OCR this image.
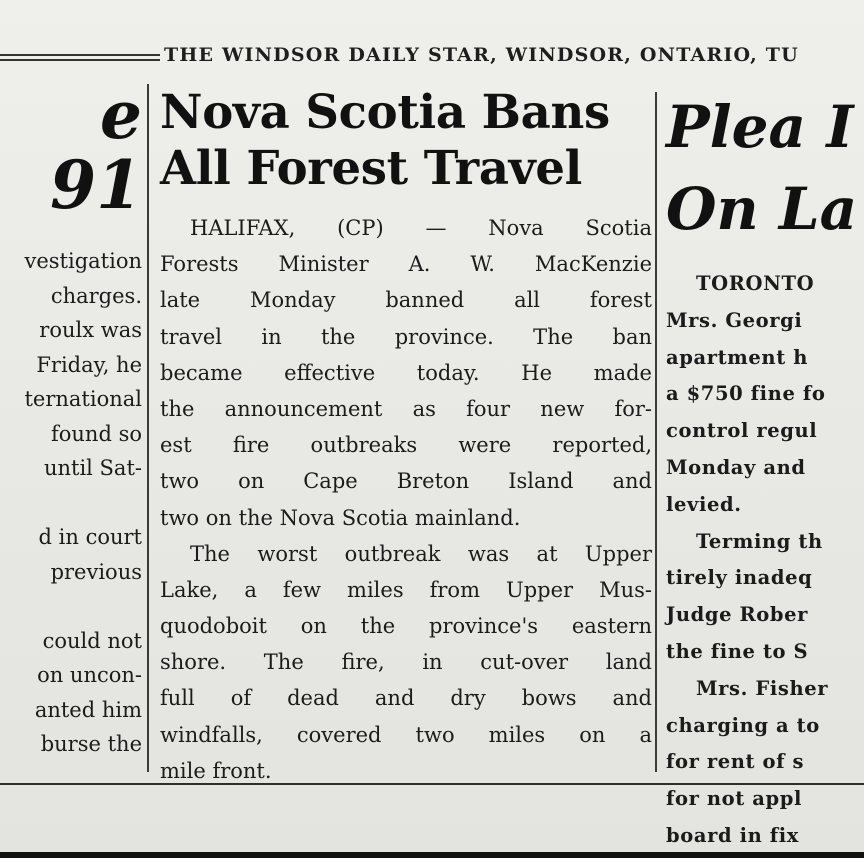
THE WINDSOR DAILY STAR, WINDSOR, ONTARIO, TU
e
91
vestigation
charges.
roulx was
Friday, he
ternational
found so
until Sat-
d in court
previous
could not
on uncon-
anted him
burse the
Nova Scotia Bans
All Forest Travel
HALIFAX, (CP) — Nova Scotia
Forests Minister A. W. MacKenzie
late Monday banned all forest
travel in the province. The ban
became effective today. He made
the announcement as four new for-
est fire outbreaks were reported,
two on Cape Breton Island and
two on the Nova Scotia mainland.
The worst outbreak was at Upper
Lake, a few miles from Upper Mus-
quodoboit on the province's eastern
shore. The fire, in cut-over land
full of dead and dry bows and
windfalls, covered two miles on a
mile front.
Plea I
On La
TORONTO
Mrs. Georgi
apartment h
a $750 fine fo
control regul
Monday and
levied.
Terming th
tirely inadeq
Judge Rober
the fine to S
Mrs. Fisher
charging a to
for rent of s
for not appl
board in fix
